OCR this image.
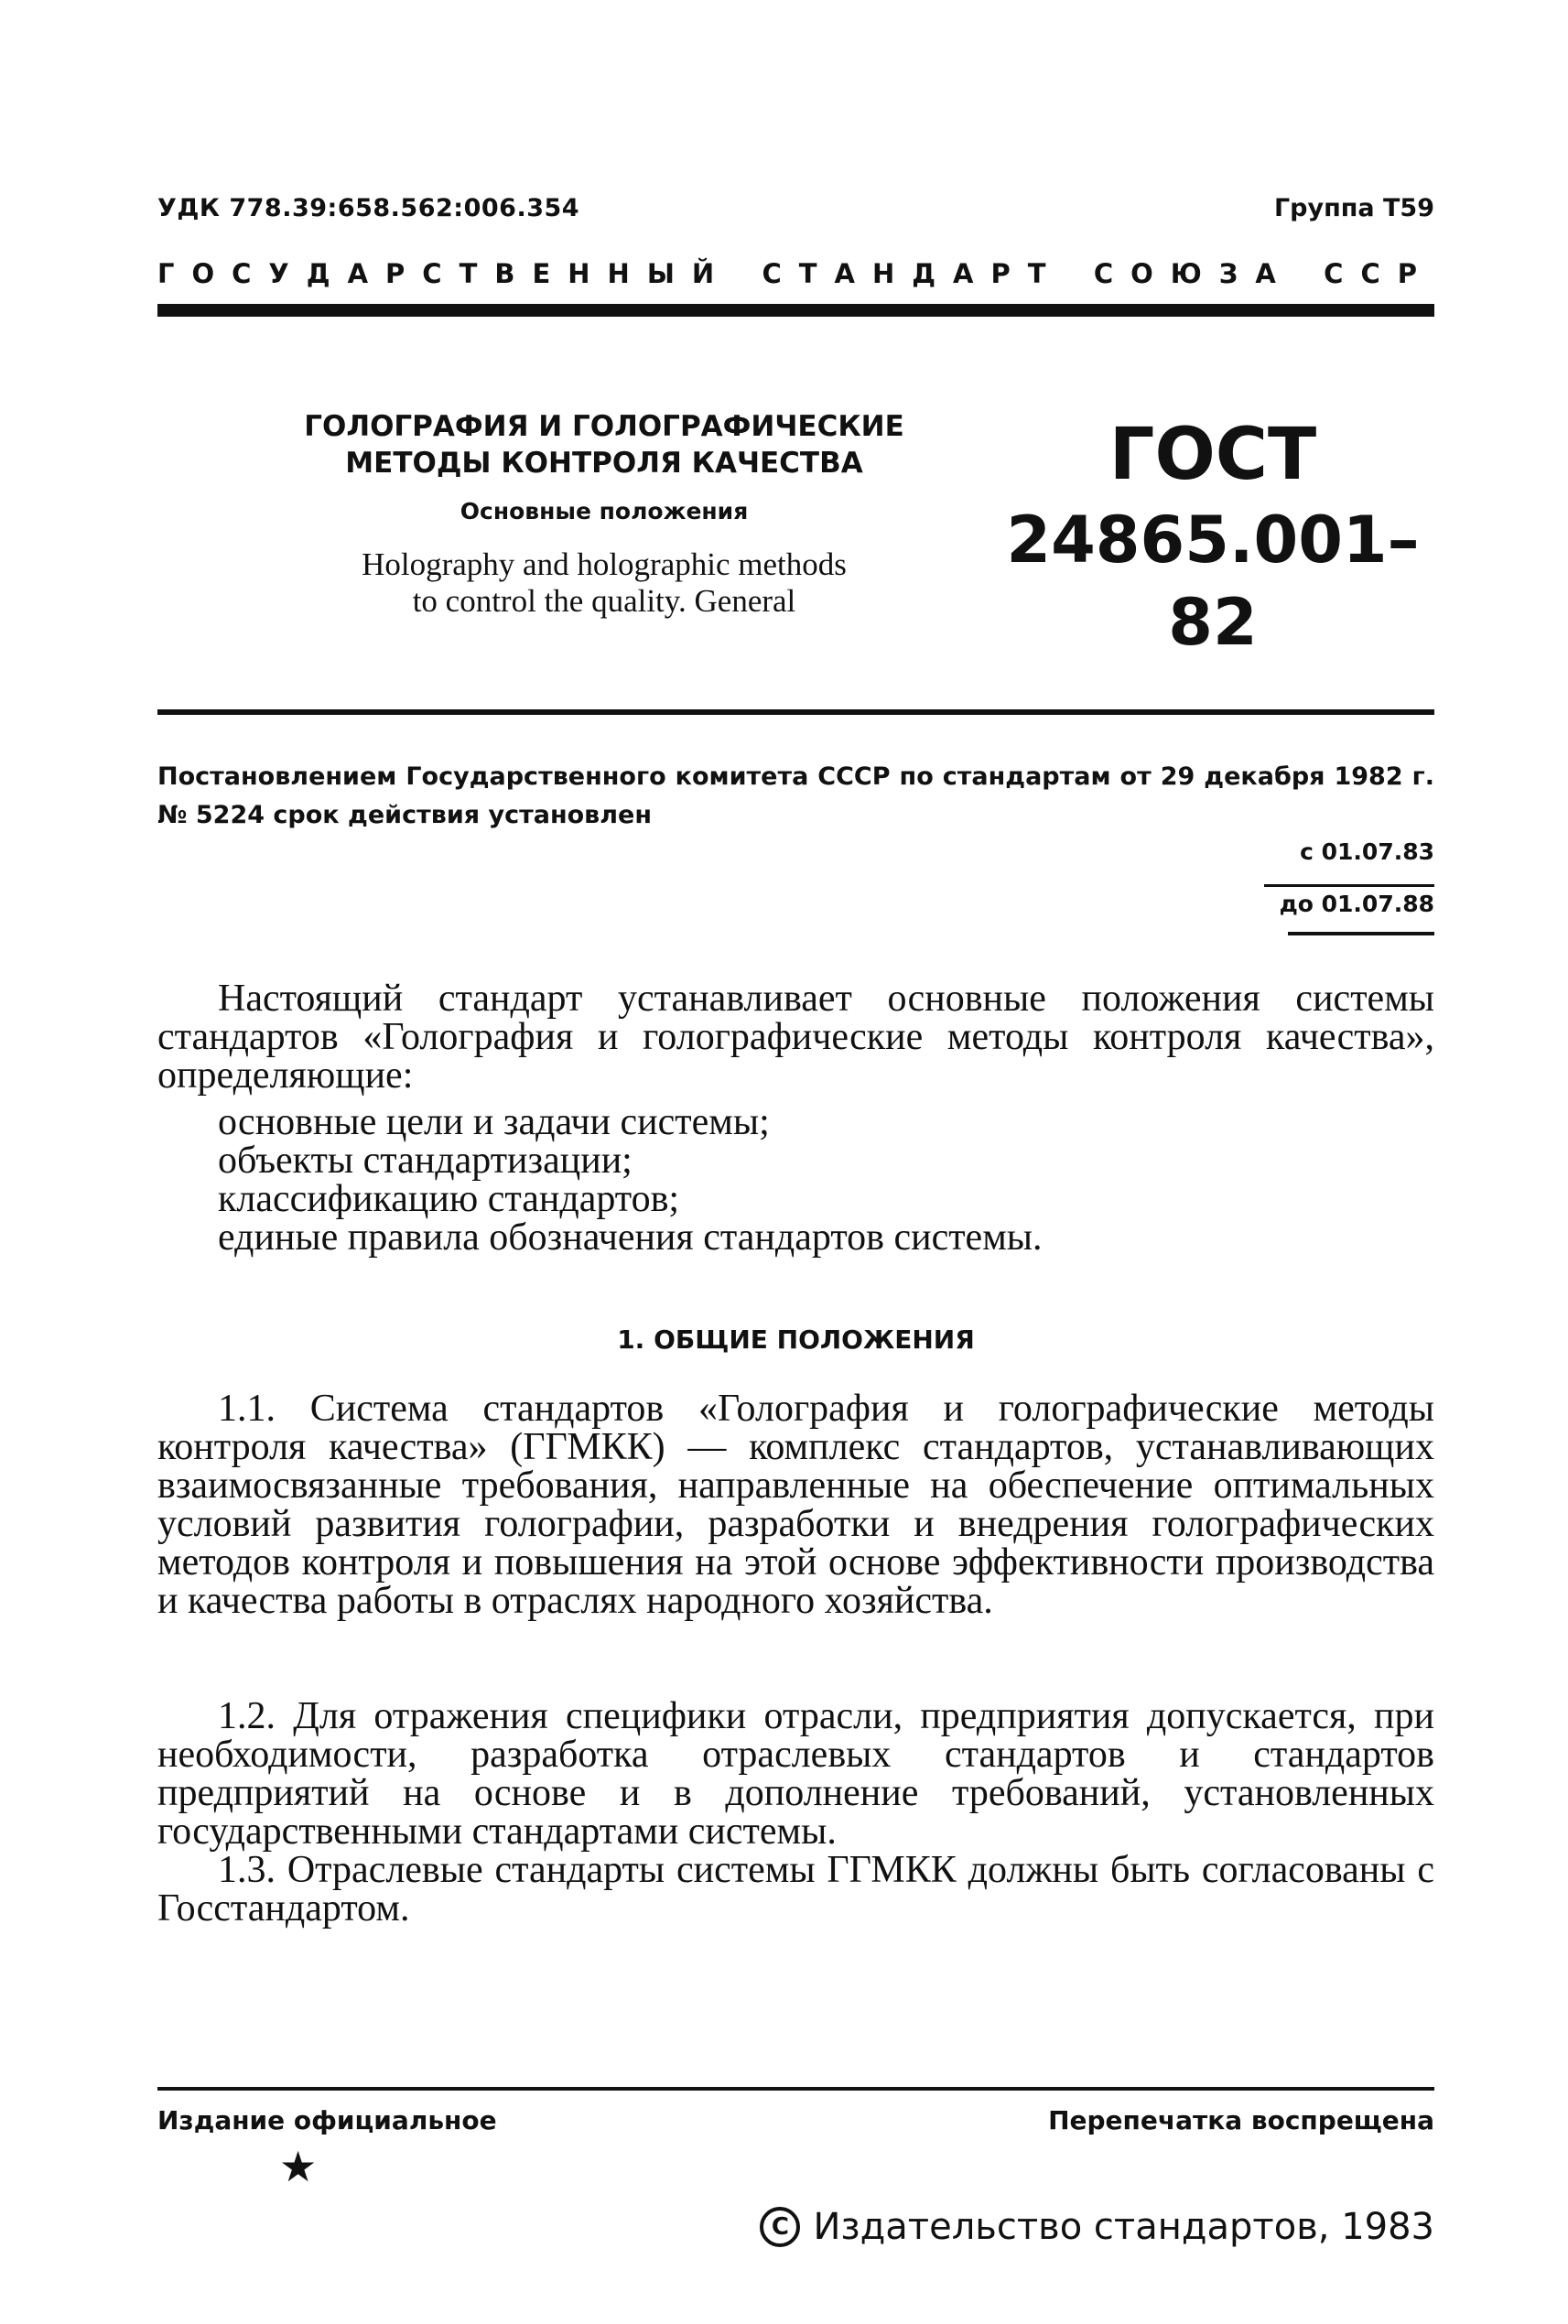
УДК 778.39:658.562:006.354	Группа Т59
ГОСУДАРСТВЕННЫЙ СТАНДАРТ СОЮЗА ССР
ГОЛОГРАФИЯ И ГОЛОГРАФИЧЕСКИЕ
МЕТОДЫ КОНТРОЛЯ КАЧЕСТВА
Основные положения
Holography and holographic methods
to control the quality. General
ГОСТ
24865.001–82
Постановлением Государственного комитета СССР по стандартам от 29 декабря 1982 г. № 5224 срок действия установлен
с 01.07.83
до 01.07.88
Настоящий стандарт устанавливает основные положения системы стандартов «Голография и голографические методы контроля качества», определяющие:
основные цели и задачи системы;
объекты стандартизации;
классификацию стандартов;
единые правила обозначения стандартов системы.
1. ОБЩИЕ ПОЛОЖЕНИЯ
1.1. Система стандартов «Голография и голографические методы контроля качества» (ГГМКК) — комплекс стандартов, устанавливающих взаимосвязанные требования, направленные на обеспечение оптимальных условий развития голографии, разработки и внедрения голографических методов контроля и повышения на этой основе эффективности производства и качества работы в отраслях народного хозяйства.
1.2. Для отражения специфики отрасли, предприятия допускается, при необходимости, разработка отраслевых стандартов и стандартов предприятий на основе и в дополнение требований, установленных государственными стандартами системы.
1.3. Отраслевые стандарты системы ГГМКК должны быть согласованы с Госстандартом.
Издание официальное	Перепечатка воспрещена
★
C Издательство стандартов, 1983
